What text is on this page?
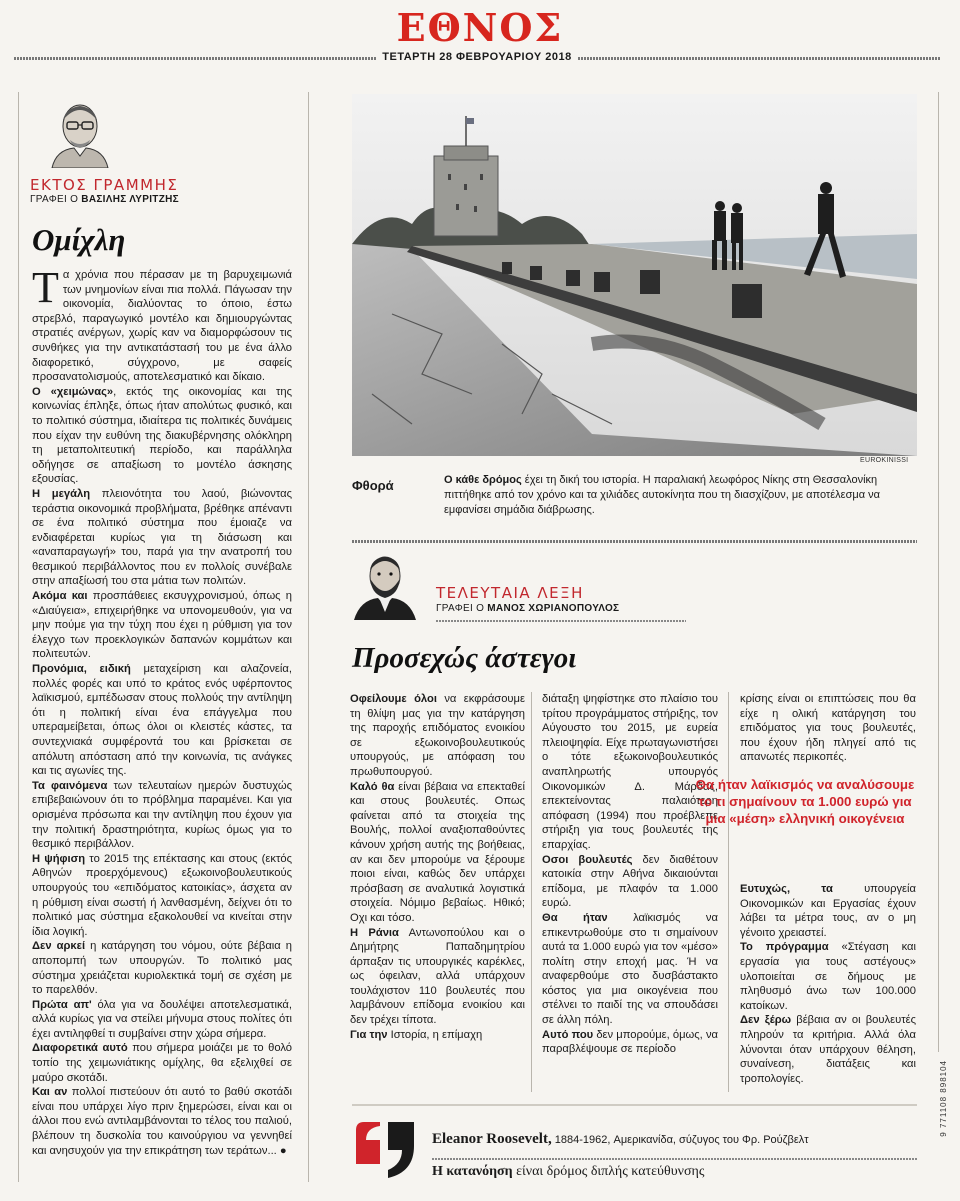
ΕΘΝΟΣ
ΤΕΤΑΡΤΗ 28 ΦΕΒΡΟΥΑΡΙΟΥ 2018
ΕΚΤΟΣ ΓΡΑΜΜΗΣ
ΓΡΑΦΕΙ Ο ΒΑΣΙΛΗΣ ΛΥΡΙΤΖΗΣ
Ομίχλη

Τα χρόνια που πέρασαν με τη βαρυχειμωνιά των μνημονίων είναι πια πολλά. Πάγωσαν την οικονομία, διαλύοντας το όποιο, έστω στρεβλό, παραγωγικό μοντέλο και δημιουργώντας στρατιές ανέργων, χωρίς καν να διαμορφώσουν τις συνθήκες για την αντικατάστασή του με ένα άλλο διαφορετικό, σύγχρονο, με σαφείς προσανατολισμούς, αποτελεσματικό και δίκαιο.

Ο «χειμώνας», εκτός της οικονομίας και της κοινωνίας έπληξε, όπως ήταν απολύτως φυσικό, και το πολιτικό σύστημα, ιδιαίτερα τις πολιτικές δυνάμεις που είχαν την ευθύνη της διακυβέρνησης ολόκληρη τη μεταπολιτευτική περίοδο, και παράλληλα οδήγησε σε απαξίωση το μοντέλο άσκησης εξουσίας.

Η μεγάλη πλειονότητα του λαού, βιώνοντας τεράστια οικονομικά προβλήματα, βρέθηκε απέναντι σε ένα πολιτικό σύστημα που έμοιαζε να ενδιαφέρεται κυρίως για τη διάσωση και «αναπαραγωγή» του, παρά για την ανατροπή του θεσμικού περιβάλλοντος που εν πολλοίς συνέβαλε στην απαξίωσή του στα μάτια των πολιτών.

Ακόμα και προσπάθειες εκσυγχρονισμού, όπως η «Διαύγεια», επιχειρήθηκε να υπονομευθούν, για να μην πούμε για την τύχη που έχει η ρύθμιση για τον έλεγχο των προεκλογικών δαπανών κομμάτων και πολιτευτών.

Προνόμια, ειδική μεταχείριση και αλαζονεία, πολλές φορές και υπό το κράτος ενός υφέρποντος λαϊκισμού, εμπέδωσαν στους πολλούς την αντίληψη ότι η πολιτική είναι ένα επάγγελμα που υπεραμείβεται, όπως όλοι οι κλειστές κάστες, τα συντεχνιακά συμφέροντά του και βρίσκεται σε απόλυτη απόσταση από την κοινωνία, τις ανάγκες και τις αγωνίες της.

Τα φαινόμενα των τελευταίων ημερών δυστυχώς επιβεβαιώνουν ότι το πρόβλημα παραμένει. Και για ορισμένα πρόσωπα και την αντίληψη που έχουν για την πολιτική δραστηριότητα, κυρίως όμως για το θεσμικό περιβάλλον.

Η ψήφιση το 2015 της επέκτασης και στους (εκτός Αθηνών προερχόμενους) εξωκοινοβουλευτικούς υπουργούς του «επιδόματος κατοικίας», άσχετα αν η ρύθμιση είναι σωστή ή λανθασμένη, δείχνει ότι το πολιτικό μας σύστημα εξακολουθεί να κινείται στην ίδια λογική.

Δεν αρκεί η κατάργηση του νόμου, ούτε βέβαια η αποπομπή των υπουργών. Το πολιτικό μας σύστημα χρειάζεται κυριολεκτικά τομή σε σχέση με το παρελθόν.

Πρώτα απ' όλα για να δουλέψει αποτελεσματικά, αλλά κυρίως για να στείλει μήνυμα στους πολίτες ότι έχει αντιληφθεί τι συμβαίνει στην χώρα σήμερα.

Διαφορετικά αυτό που σήμερα μοιάζει με το θολό τοπίο της χειμωνιάτικης ομίχλης, θα εξελιχθεί σε μαύρο σκοτάδι.

Και αν πολλοί πιστεύουν ότι αυτό το βαθύ σκοτάδι είναι που υπάρχει λίγο πριν ξημερώσει, είναι και οι άλλοι που ενώ αντιλαμβάνονται το τέλος του παλιού, βλέπουν τη δυσκολία του καινούργιου να γεννηθεί και ανησυχούν για την επικράτηση των τεράτων... ●

EUROKINISSI
Φθορά	Ο κάθε δρόμος έχει τη δική του ιστορία. Η παραλιακή λεωφόρος Νίκης στη Θεσσαλονίκη πιττήθηκε από τον χρόνο και τα χιλιάδες αυτοκίνητα που τη διασχίζουν, με αποτέλεσμα να εμφανίσει σημάδια διάβρωσης.
ΤΕΛΕΥΤΑΙΑ ΛΕΞΗ
ΓΡΑΦΕΙ Ο ΜΑΝΟΣ ΧΩΡΙΑΝΟΠΟΥΛΟΣ
Προσεχώς άστεγοι

Οφείλουμε όλοι να εκφράσουμε τη θλίψη μας για την κατάργηση της παροχής επιδόματος ενοικίου σε εξωκοινοβουλευτικούς υπουργούς, με απόφαση του πρωθυπουργού.

Καλό θα είναι βέβαια να επεκταθεί και στους βουλευτές. Οπως φαίνεται από τα στοιχεία της Βουλής, πολλοί αναξιοπαθούντες κάνουν χρήση αυτής της βοήθειας, αν και δεν μπορούμε να ξέρουμε ποιοι είναι, καθώς δεν υπάρχει πρόσβαση σε αναλυτικά λογιστικά στοιχεία. Νόμιμο βεβαίως. Ηθικό; Οχι και τόσο.

Η Ράνια Αντωνοπούλου και ο Δημήτρης Παπαδημητρίου άρπαξαν τις υπουργικές καρέκλες, ως όφειλαν, αλλά υπάρχουν τουλάχιστον 110 βουλευτές που λαμβάνουν επίδομα ενοικίου και δεν τρέχει τίποτα.

Για την Ιστορία, η επίμαχη

διάταξη ψηφίστηκε στο πλαίσιο του τρίτου προγράμματος στήριξης, τον Αύγουστο του 2015, με ευρεία πλειοψηφία. Είχε πρωταγωνιστήσει ο τότε εξωκοινοβουλευτικός αναπληρωτής υπουργός Οικονομικών Δ. Μάρδας, επεκτείνοντας παλαιότερη απόφαση (1994) που προέβλεπε στήριξη για τους βουλευτές της επαρχίας.

Οσοι βουλευτές δεν διαθέτουν κατοικία στην Αθήνα δικαιούνται επίδομα, με πλαφόν τα 1.000 ευρώ.

Θα ήταν λαϊκισμός να επικεντρωθούμε στο τι σημαίνουν αυτά τα 1.000 ευρώ για τον «μέσο» πολίτη στην εποχή μας. Ή να αναφερθούμε στο δυσβάστακτο κόστος για μια οικογένεια που στέλνει το παιδί της να σπουδάσει σε άλλη πόλη.

Αυτό που δεν μπορούμε, όμως, να παραβλέψουμε σε περίοδο

κρίσης είναι οι επιπτώσεις που θα είχε η ολική κατάργηση του επιδόματος για τους βουλευτές, που έχουν ήδη πληγεί από τις απανωτές περικοπές.

Θα ήταν λαϊκισμός να αναλύσουμε το τι σημαίνουν τα 1.000 ευρώ για μια «μέση» ελληνική οικογένεια

Ευτυχώς, τα υπουργεία Οικονομικών και Εργασίας έχουν λάβει τα μέτρα τους, αν ο μη γένοιτο χρειαστεί.

Το πρόγραμμα «Στέγαση και εργασία για τους αστέγους» υλοποιείται σε δήμους με πληθυσμό άνω των 100.000 κατοίκων.

Δεν ξέρω βέβαια αν οι βουλευτές πληρούν τα κριτήρια. Αλλά όλα λύνονται όταν υπάρχουν θέληση, συναίνεση, διατάξεις και τροπολογίες.

Eleanor Roosevelt, 1884-1962, Αμερικανίδα, σύζυγος του Φρ. Ρούζβελτ
Η κατανόηση είναι δρόμος διπλής κατεύθυνσης
9 771108 898104
